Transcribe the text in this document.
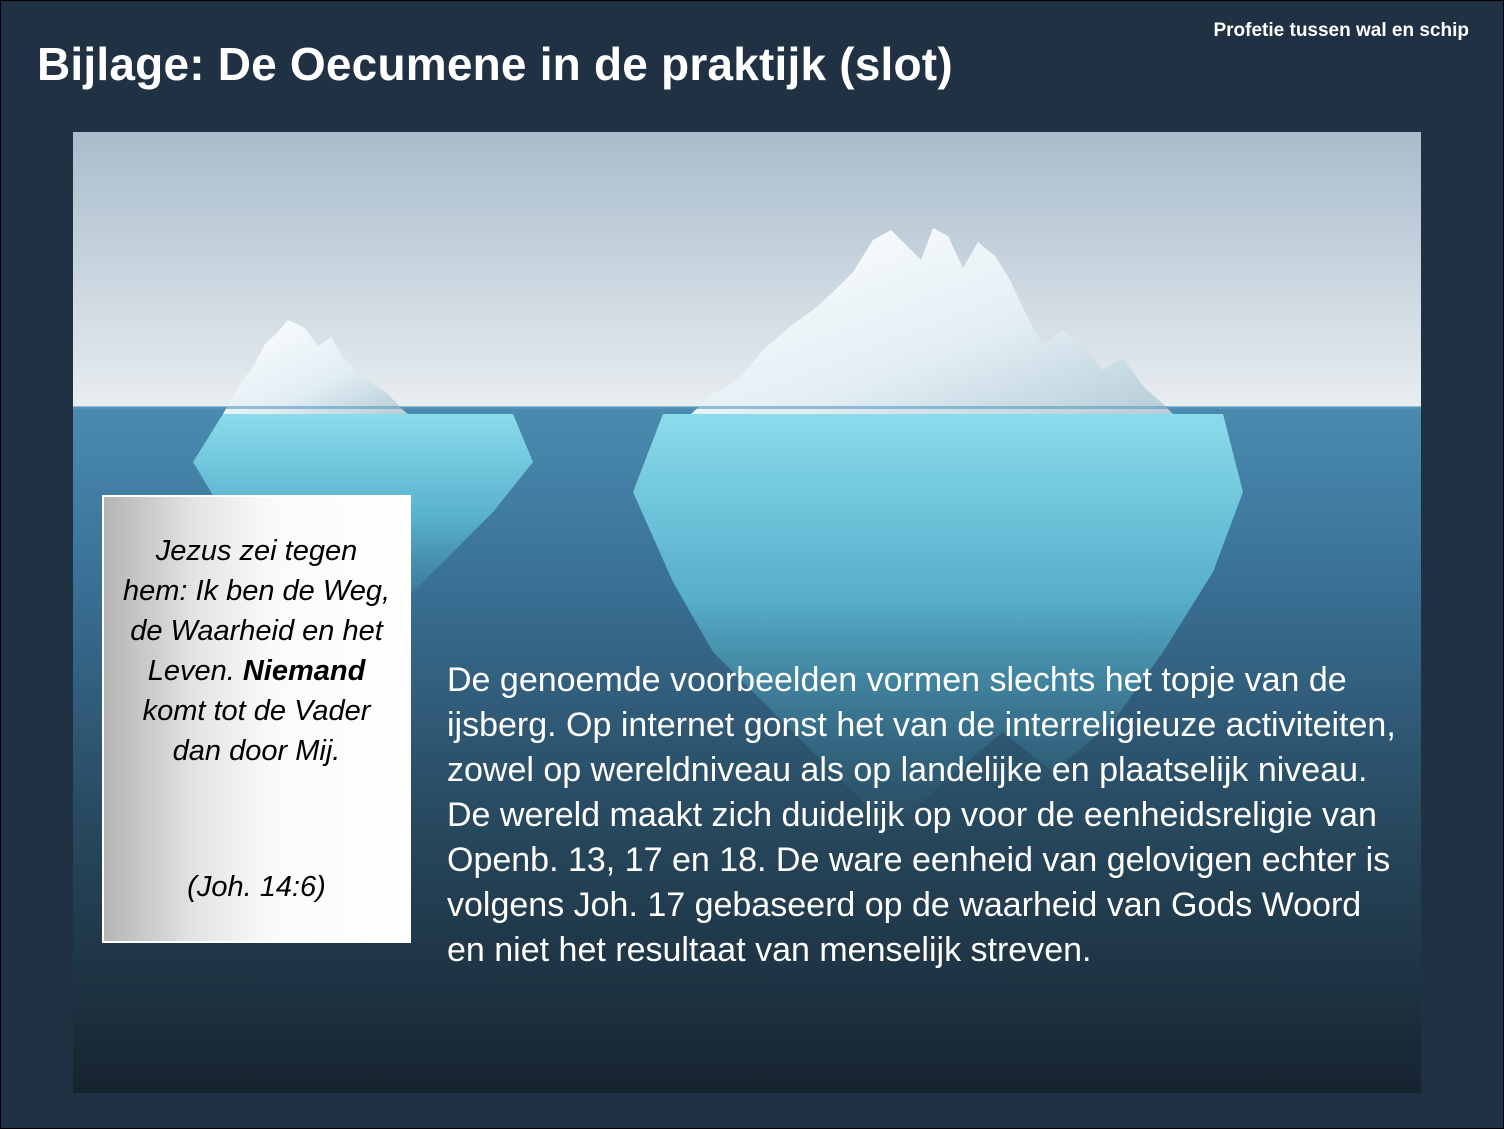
Profetie tussen wal en schip
Bijlage: De Oecumene in de praktijk (slot)
Jezus zei tegen hem: Ik ben de Weg, de Waarheid en het Leven. Niemand komt tot de Vader dan door Mij.
(Joh. 14:6)
De genoemde voorbeelden vormen slechts het topje van de ijsberg. Op internet gonst het van de interreligieuze activiteiten, zowel op wereldniveau als op landelijke en plaatselijk niveau. De wereld maakt zich duidelijk op voor de eenheidsreligie van Openb. 13, 17 en 18. De ware eenheid van gelovigen echter is volgens Joh. 17 gebaseerd op de waarheid van Gods Woord en niet het resultaat van menselijk streven.
